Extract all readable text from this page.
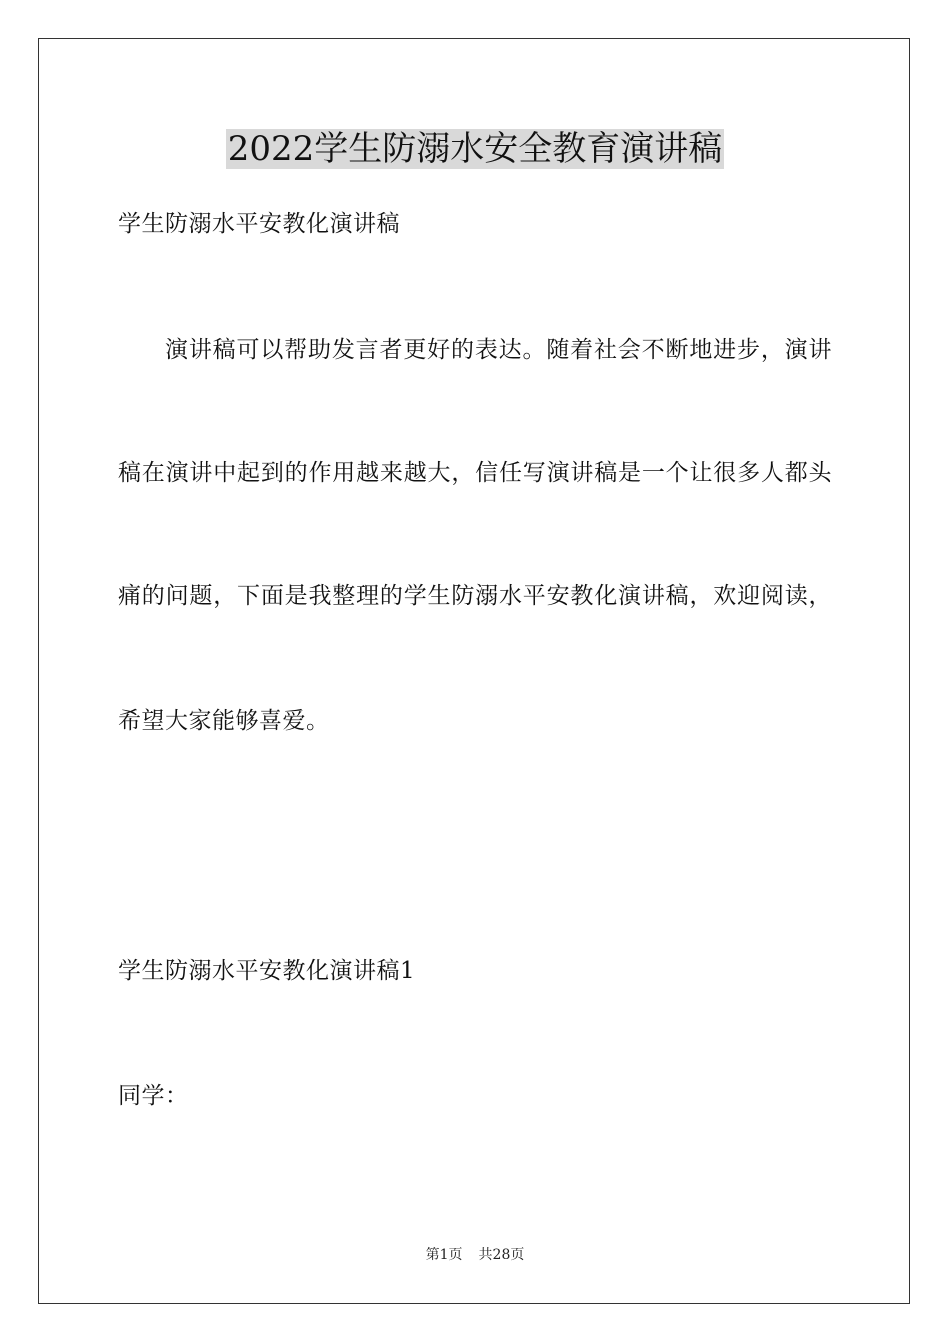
2022学生防溺水安全教育演讲稿
学生防溺水平安教化演讲稿
演讲稿可以帮助发言者更好的表达。随着社会不断地进步，演讲
稿在演讲中起到的作用越来越大，信任写演讲稿是一个让很多人都头
痛的问题，下面是我整理的学生防溺水平安教化演讲稿，欢迎阅读，
希望大家能够喜爱。
学生防溺水平安教化演讲稿1
同学：
第1页 共28页
